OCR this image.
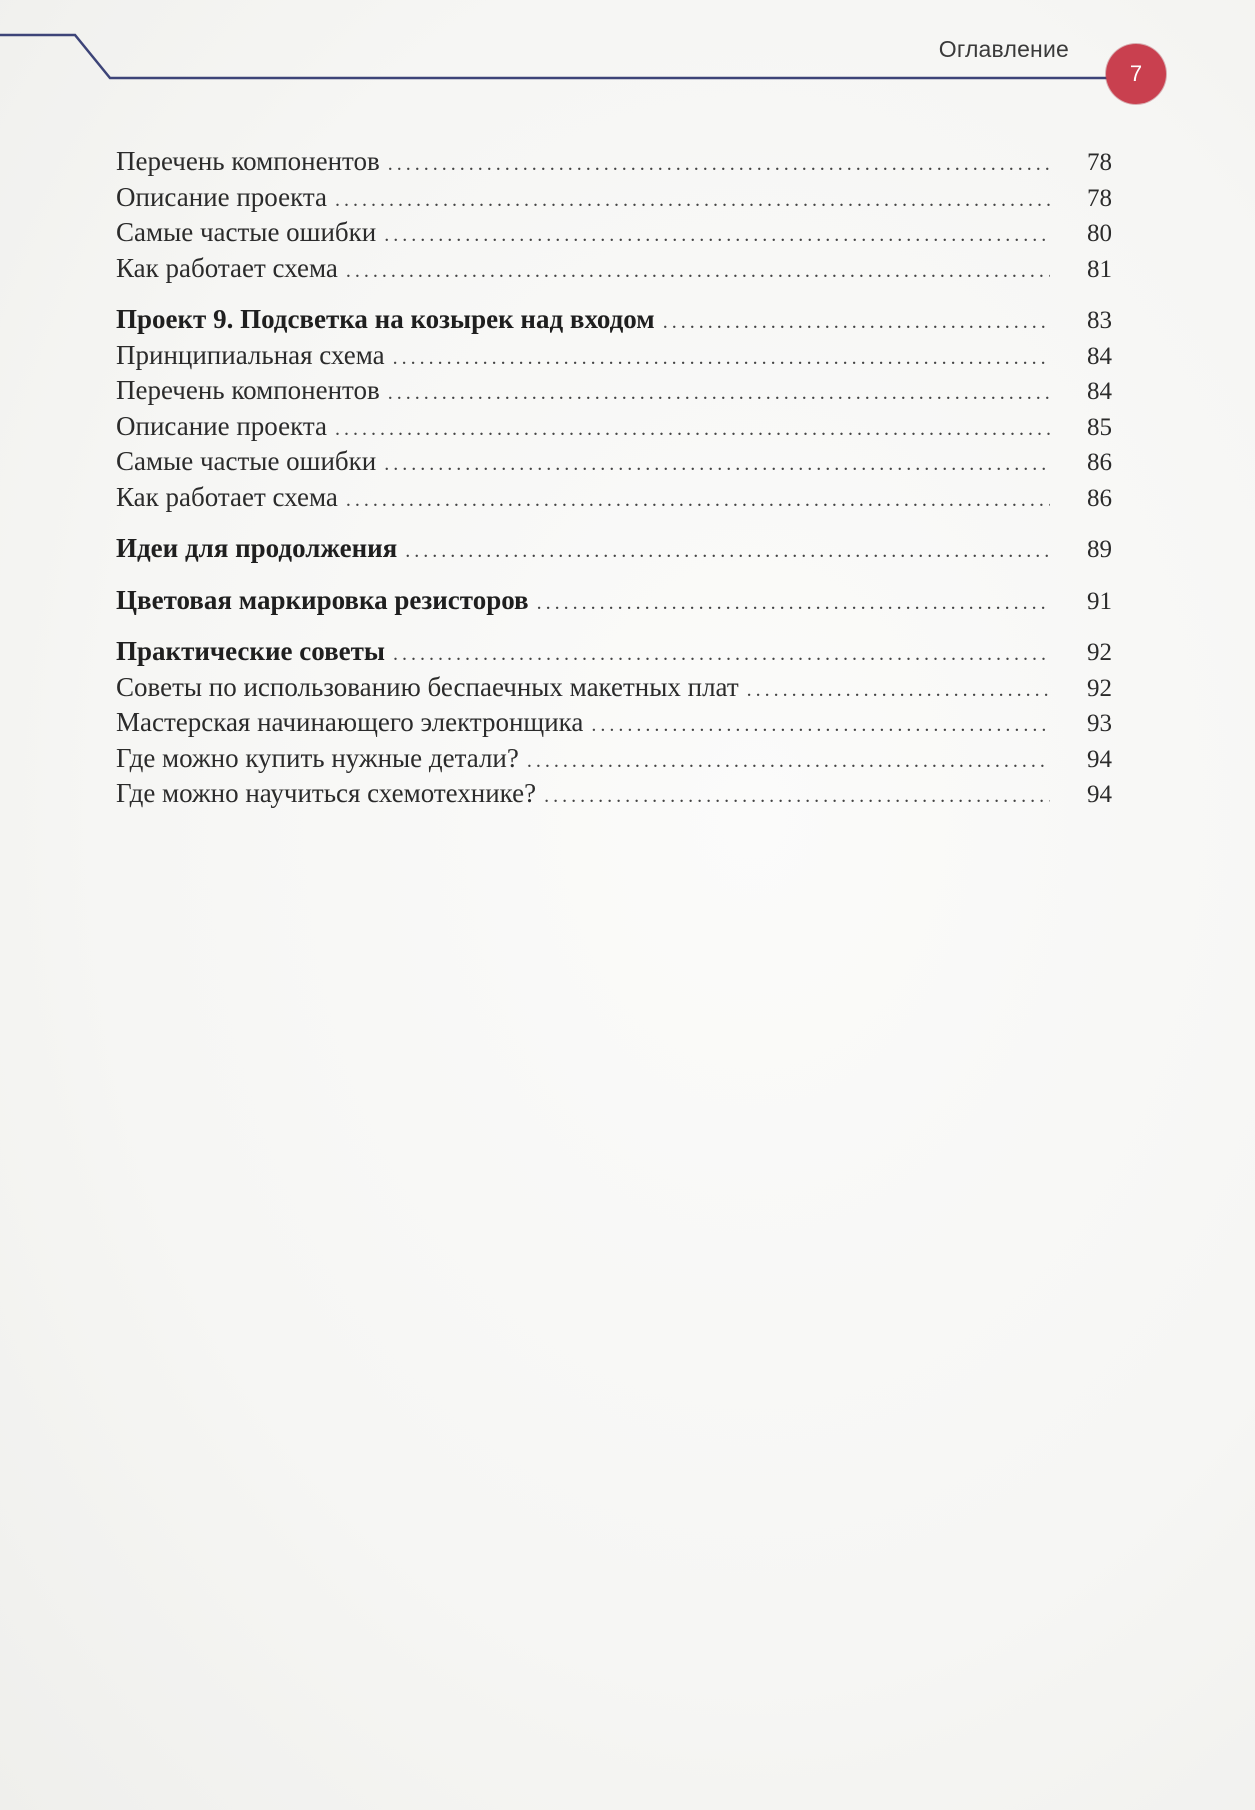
Оглавление
7
Перечень компонентов . . .	78
Описание проекта . . .	78
Самые частые ошибки . . .	80
Как работает схема . . .	81
Проект 9. Подсветка на козырек над входом . . .	83
Принципиальная схема . . .	84
Перечень компонентов . . .	84
Описание проекта . . .	85
Самые частые ошибки . . .	86
Как работает схема . . .	86
Идеи для продолжения . . .	89
Цветовая маркировка резисторов . . .	91
Практические советы . . .	92
Советы по использованию беспаечных макетных плат . . .	92
Мастерская начинающего электронщика . . .	93
Где можно купить нужные детали? . . .	94
Где можно научиться схемотехнике? . . .	94
